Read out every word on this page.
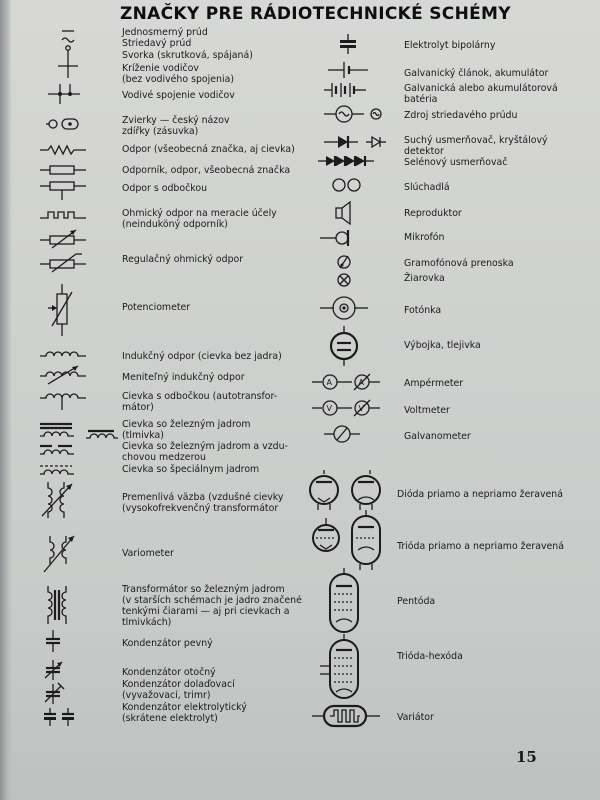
ZNAČKY PRE RÁDIOTECHNICKÉ SCHÉMY
Jednosmerný prúd
Striedavý prúd
Svorka (skrutková, spájaná)
Kríženie vodičov
(bez vodivého spojenia)
Vodivé spojenie vodičov
Zvierky — český názov
zdířky (zásuvka)
Odpor (všeobecná značka, aj cievka)
Odporník, odpor, všeobecná značka
Odpor s odbočkou
Ohmický odpor na meracie účely
(neinduköný odporník)
Regulačný ohmický odpor
Potenciometer
Indukčný odpor (cievka bez jadra)
Meniteľný indukčný odpor
Cievka s odbočkou (autotransfor-
mátor)
Cievka so železným jadrom
(tlmivka)
Cievka so železným jadrom a vzdu-
chovou medzerou
Cievka so špeciálnym jadrom
Premenlivá väzba (vzdušné cievky
(vysokofrekvenčný transformátor
Variometer
Transformátor so železným jadrom
(v starších schémach je jadro značené
tenkými čiarami — aj pri cievkach a
tlmivkách)
Kondenzátor pevný
Kondenzátor otočný
Kondenzátor dolaďovací
(vyvažovací, trimr)
Kondenzátor elektrolytický
(skrátene elektrolyt)
Elektrolyt bipolárny
Galvanický článok, akumulátor
Galvanická alebo akumulátorová
batéria
Zdroj striedavého prúdu
Suchý usmerňovač, kryštálový
detektor
Selénový usmerňovač
Slúchadlá
Reproduktor
Mikrofón
Gramofónová prenoska
Žiarovka
Fotónka
Výbojka, tlejivka
Ampérmeter
Voltmeter
Galvanometer
Dióda priamo a nepriamo žeravená
Trióda priamo a nepriamo žeravená
Pentóda
Trióda-hexóda
Variátor
15
A	A
V	V
